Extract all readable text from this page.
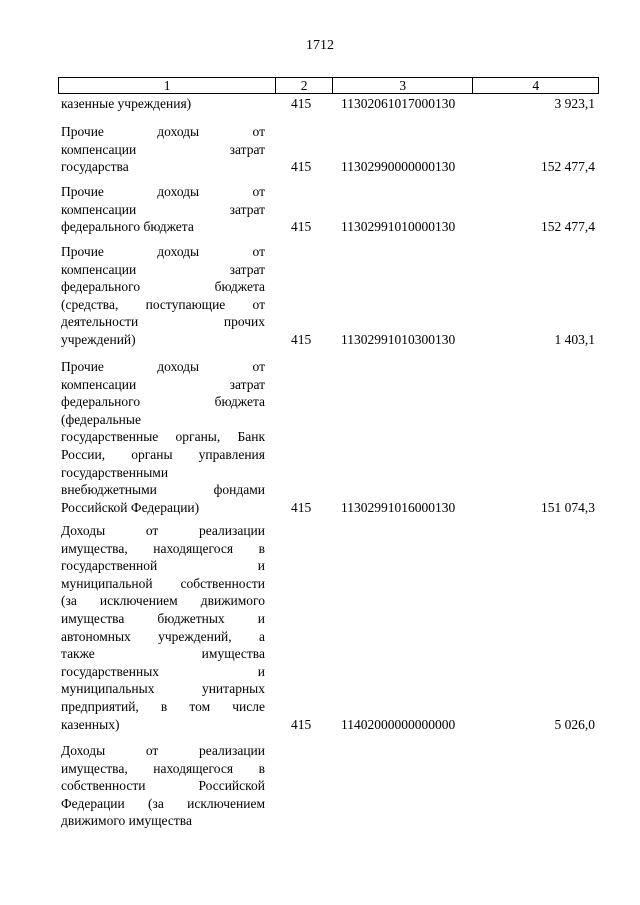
1712
1	2	3	4
казенные учреждения)	415	11302061017000130	3 923,1
Прочие доходы от
компенсации затрат
государства	415	11302990000000130	152 477,4
Прочие доходы от
компенсации затрат
федерального бюджета	415	11302991010000130	152 477,4
Прочие доходы от
компенсации затрат
федерального бюджета
(средства, поступающие от
деятельности прочих
учреждений)	415	11302991010300130	1 403,1
Прочие доходы от
компенсации затрат
федерального бюджета
(федеральные
государственные органы, Банк
России, органы управления
государственными
внебюджетными фондами
Российской Федерации)	415	11302991016000130	151 074,3
Доходы от реализации
имущества, находящегося в
государственной и
муниципальной собственности
(за исключением движимого
имущества бюджетных и
автономных учреждений, а
также имущества
государственных и
муниципальных унитарных
предприятий, в том числе
казенных)	415	11402000000000000	5 026,0
Доходы от реализации
имущества, находящегося в
собственности Российской
Федерации (за исключением
движимого имущества
